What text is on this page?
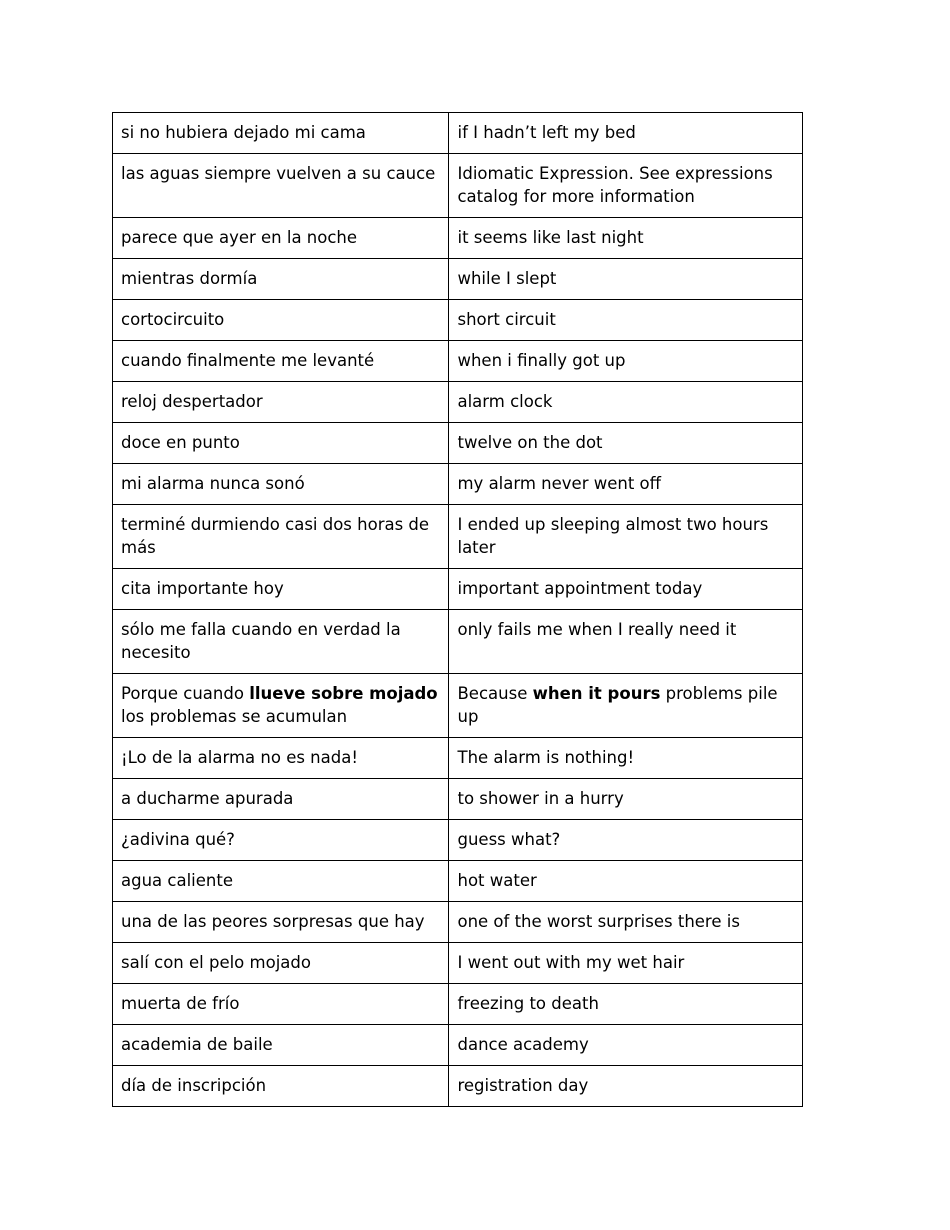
si no hubiera dejado mi cama	if I hadn’t left my bed
las aguas siempre vuelven a su cauce	Idiomatic Expression. See expressions catalog for more information
parece que ayer en la noche	it seems like last night
mientras dormía	while I slept
cortocircuito	short circuit
cuando finalmente me levanté	when i finally got up
reloj despertador	alarm clock
doce en punto	twelve on the dot
mi alarma nunca sonó	my alarm never went off
terminé durmiendo casi dos horas de más	I ended up sleeping almost two hours later
cita importante hoy	important appointment today
sólo me falla cuando en verdad la necesito	only fails me when I really need it
Porque cuando llueve sobre mojado los problemas se acumulan	Because when it pours problems pile up
¡Lo de la alarma no es nada!	The alarm is nothing!
a ducharme apurada	to shower in a hurry
¿adivina qué?	guess what?
agua caliente	hot water
una de las peores sorpresas que hay	one of the worst surprises there is
salí con el pelo mojado	I went out with my wet hair
muerta de frío	freezing to death
academia de baile	dance academy
día de inscripción	registration day
